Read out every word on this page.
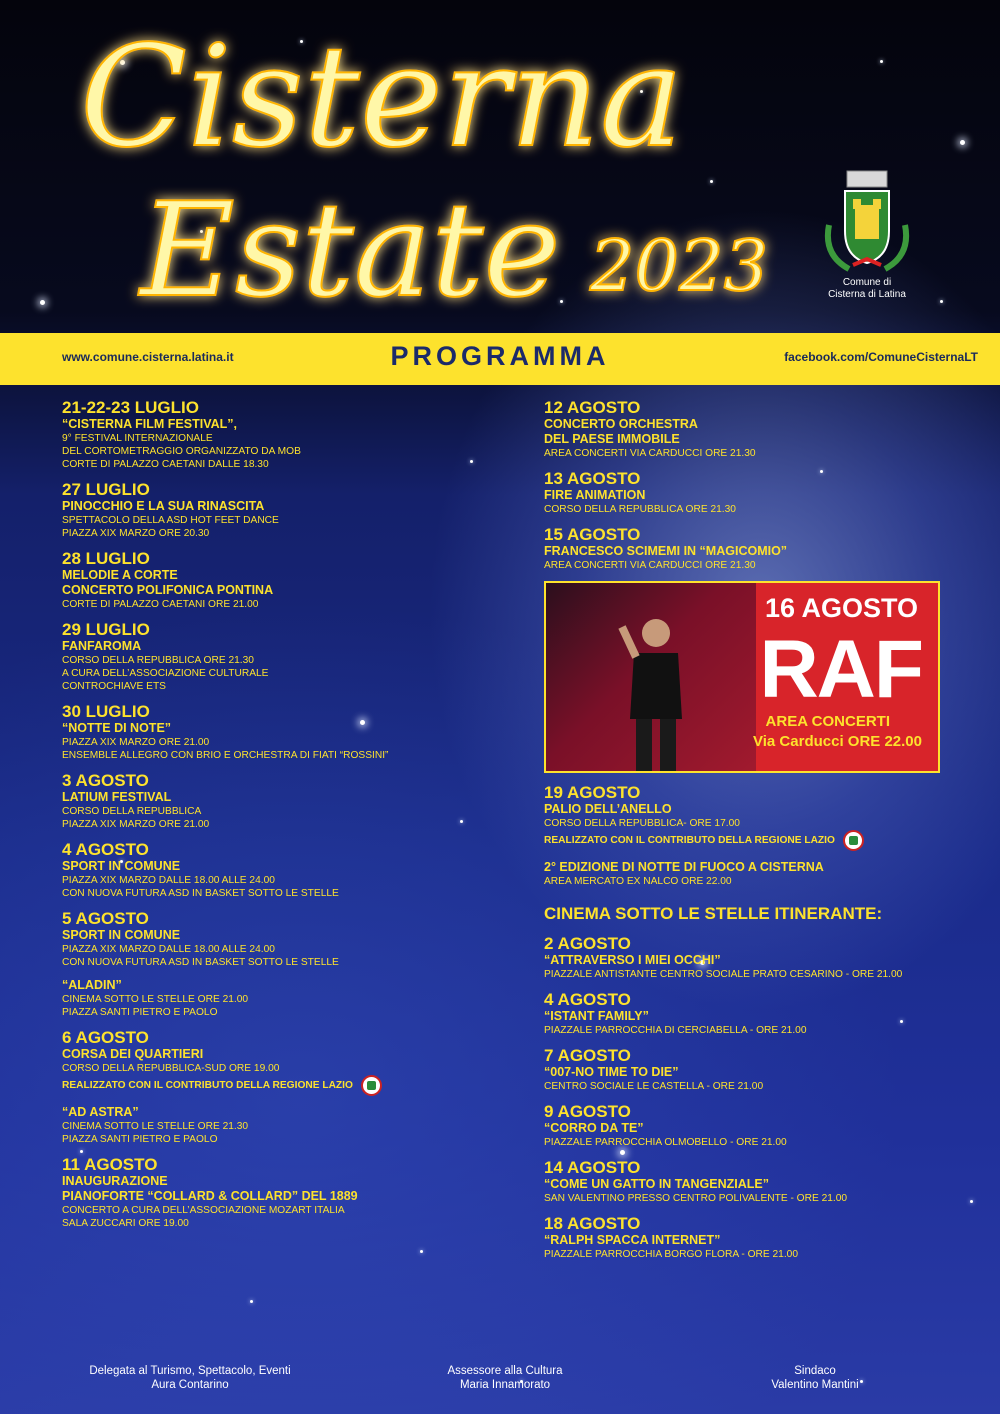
Cisterna
Estate 2023	Comune di
Cisterna di Latina
www.comune.cisterna.latina.it	PROGRAMMA	facebook.com/ComuneCisternaLT
21-22-23 LUGLIO
“CISTERNA FILM FESTIVAL”,
9° FESTIVAL INTERNAZIONALE
DEL CORTOMETRAGGIO ORGANIZZATO DA MOB
CORTE DI PALAZZO CAETANI DALLE 18.30
27 LUGLIO
PINOCCHIO E LA SUA RINASCITA
SPETTACOLO DELLA ASD HOT FEET DANCE
PIAZZA XIX MARZO ORE 20.30
28 LUGLIO
MELODIE A CORTE
CONCERTO POLIFONICA PONTINA
CORTE DI PALAZZO CAETANI ORE 21.00
29 LUGLIO
FANFAROMA
CORSO DELLA REPUBBLICA ORE 21.30
A CURA DELL’ASSOCIAZIONE CULTURALE
CONTROCHIAVE ETS
30 LUGLIO
“NOTTE DI NOTE”
PIAZZA XIX MARZO ORE 21.00
ENSEMBLE ALLEGRO CON BRIO E ORCHESTRA DI FIATI “ROSSINI”
3 AGOSTO
LATIUM FESTIVAL
CORSO DELLA REPUBBLICA
PIAZZA XIX MARZO ORE 21.00
4 AGOSTO
SPORT IN COMUNE
PIAZZA XIX MARZO DALLE 18.00 ALLE 24.00
CON NUOVA FUTURA ASD IN BASKET SOTTO LE STELLE
5 AGOSTO
SPORT IN COMUNE
PIAZZA XIX MARZO DALLE 18.00 ALLE 24.00
CON NUOVA FUTURA ASD IN BASKET SOTTO LE STELLE
“ALADIN”
CINEMA SOTTO LE STELLE ORE 21.00
PIAZZA SANTI PIETRO E PAOLO
6 AGOSTO
CORSA DEI QUARTIERI
CORSO DELLA REPUBBLICA-SUD ORE 19.00
REALIZZATO CON IL CONTRIBUTO DELLA REGIONE LAZIO
“AD ASTRA”
CINEMA SOTTO LE STELLE ORE 21.30
PIAZZA SANTI PIETRO E PAOLO
11 AGOSTO
INAUGURAZIONE
PIANOFORTE “COLLARD & COLLARD” DEL 1889
CONCERTO A CURA DELL’ASSOCIAZIONE MOZART ITALIA
SALA ZUCCARI ORE 19.00
12 AGOSTO
CONCERTO ORCHESTRA
DEL PAESE IMMOBILE
AREA CONCERTI VIA CARDUCCI ORE 21.30
13 AGOSTO
FIRE ANIMATION
CORSO DELLA REPUBBLICA ORE 21.30
15 AGOSTO
FRANCESCO SCIMEMI IN “MAGICOMIO”
AREA CONCERTI VIA CARDUCCI ORE 21.30
16 AGOSTO
RAF
AREA CONCERTI
Via Carducci ORE 22.00
19 AGOSTO
PALIO DELL’ANELLO
CORSO DELLA REPUBBLICA- ORE 17.00
REALIZZATO CON IL CONTRIBUTO DELLA REGIONE LAZIO
2° EDIZIONE DI NOTTE DI FUOCO A CISTERNA
AREA MERCATO EX NALCO ORE 22.00
CINEMA SOTTO LE STELLE ITINERANTE:
2 AGOSTO
“ATTRAVERSO I MIEI OCCHI”
PIAZZALE ANTISTANTE CENTRO SOCIALE PRATO CESARINO - ORE 21.00
4 AGOSTO
“ISTANT FAMILY”
PIAZZALE PARROCCHIA DI CERCIABELLA - ORE 21.00
7 AGOSTO
“007-NO TIME TO DIE”
CENTRO SOCIALE LE CASTELLA - ORE 21.00
9 AGOSTO
“CORRO DA TE”
PIAZZALE PARROCCHIA OLMOBELLO - ORE 21.00
14 AGOSTO
“COME UN GATTO IN TANGENZIALE”
SAN VALENTINO PRESSO CENTRO POLIVALENTE - ORE 21.00
18 AGOSTO
“RALPH SPACCA INTERNET”
PIAZZALE PARROCCHIA BORGO FLORA - ORE 21.00
Delegata al Turismo, Spettacolo, Eventi
Aura Contarino
Assessore alla Cultura
Maria Innamorato
Sindaco
Valentino Mantini
